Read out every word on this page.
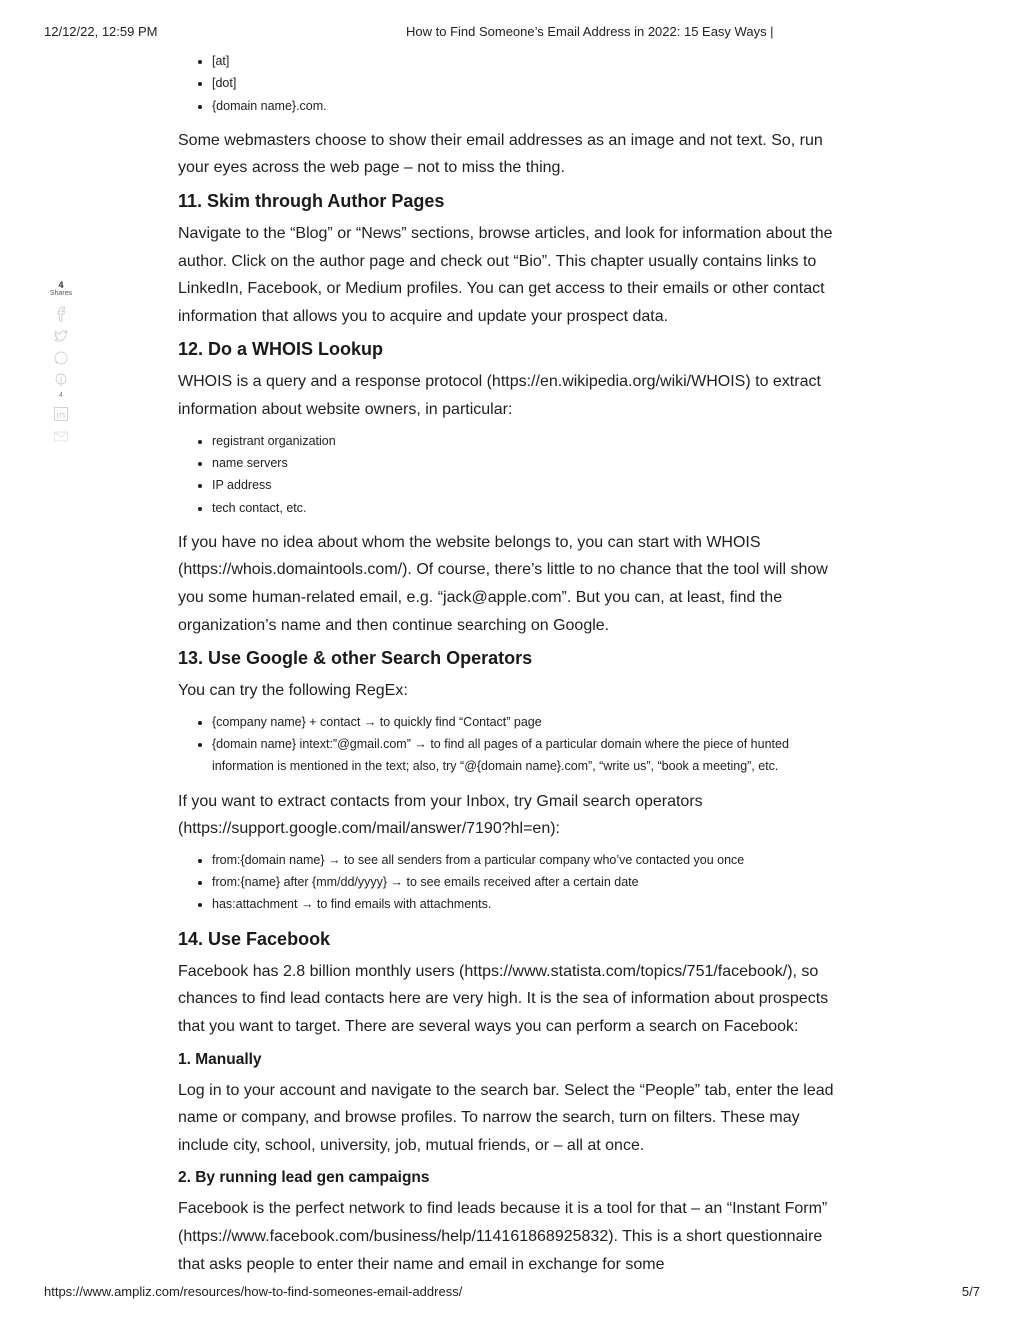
12/12/22, 12:59 PM	How to Find Someone’s Email Address in 2022: 15 Easy Ways |
4
Shares
4
• [at]
• [dot]
• {domain name}.com.

Some webmasters choose to show their email addresses as an image and not text. So, run your eyes across the web page – not to miss the thing.

11. Skim through Author Pages

Navigate to the “Blog” or “News” sections, browse articles, and look for information about the author. Click on the author page and check out “Bio”. This chapter usually contains links to LinkedIn, Facebook, or Medium profiles. You can get access to their emails or other contact information that allows you to acquire and update your prospect data.

12. Do a WHOIS Lookup

WHOIS is a query and a response protocol (https://en.wikipedia.org/wiki/WHOIS) to extract information about website owners, in particular:

• registrant organization
• name servers
• IP address
• tech contact, etc.

If you have no idea about whom the website belongs to, you can start with WHOIS (https://whois.domaintools.com/). Of course, there’s little to no chance that the tool will show you some human-related email, e.g. “jack@apple.com”. But you can, at least, find the organization’s name and then continue searching on Google.

13. Use Google & other Search Operators

You can try the following RegEx:

• {company name} + contact → to quickly find “Contact” page
• {domain name} intext:”@gmail.com” → to find all pages of a particular domain where the piece of hunted information is mentioned in the text; also, try “@{domain name}.com”, “write us”, “book a meeting”, etc.

If you want to extract contacts from your Inbox, try Gmail search operators (https://support.google.com/mail/answer/7190?hl=en):

• from:{domain name} → to see all senders from a particular company who’ve contacted you once
• from:{name} after {mm/dd/yyyy} → to see emails received after a certain date
• has:attachment → to find emails with attachments.
14. Use Facebook

Facebook has 2.8 billion monthly users (https://www.statista.com/topics/751/facebook/), so chances to find lead contacts here are very high. It is the sea of information about prospects that you want to target. There are several ways you can perform a search on Facebook:

1. Manually

Log in to your account and navigate to the search bar. Select the “People” tab, enter the lead name or company, and browse profiles. To narrow the search, turn on filters. These may include city, school, university, job, mutual friends, or – all at once.

2. By running lead gen campaigns

Facebook is the perfect network to find leads because it is a tool for that – an “Instant Form” (https://www.facebook.com/business/help/114161868925832). This is a short questionnaire that asks people to enter their name and email in exchange for some

https://www.ampliz.com/resources/how-to-find-someones-email-address/	5/7
